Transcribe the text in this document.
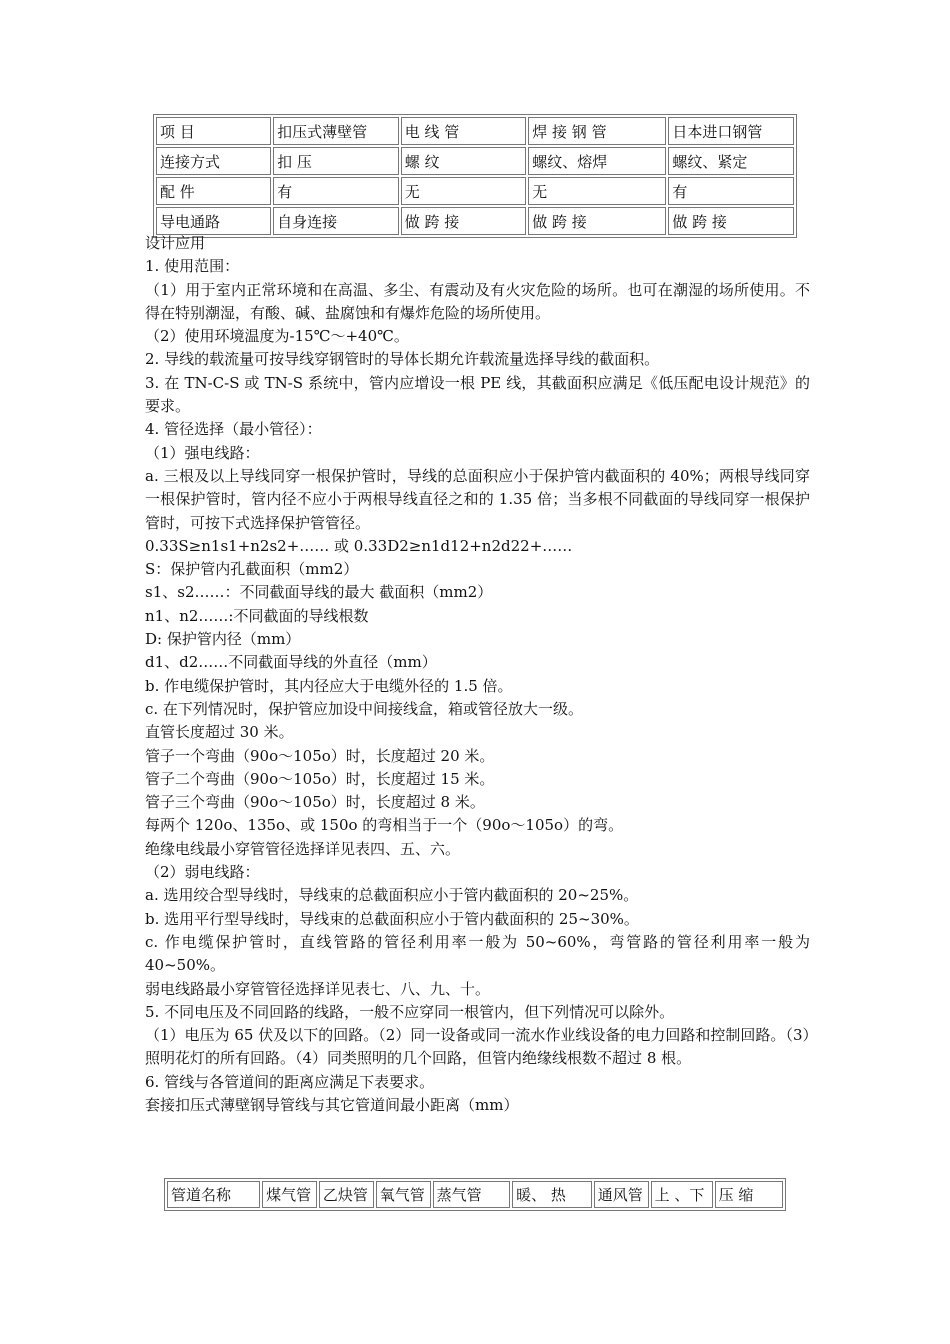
项 目	扣压式薄壁管	电 线 管	焊 接 钢 管	日本进口钢管
连接方式	扣 压	螺 纹	螺纹、熔焊	螺纹、紧定
配 件	有	无	无	有
导电通路	自身连接	做 跨 接	做 跨 接	做 跨 接

设计应用

1. 使用范围：

（1）用于室内正常环境和在高温、多尘、有震动及有火灾危险的场所。也可在潮湿的场所使用。不得在特别潮湿，有酸、碱、盐腐蚀和有爆炸危险的场所使用。

（2）使用环境温度为-15℃～+40℃。

2. 导线的载流量可按导线穿钢管时的导体长期允许载流量选择导线的截面积。

3. 在 TN-C-S 或 TN-S 系统中，管内应增设一根 PE 线，其截面积应满足《低压配电设计规范》的要求。

4. 管径选择（最小管径）：

（1）强电线路：

a. 三根及以上导线同穿一根保护管时，导线的总面积应小于保护管内截面积的 40%；两根导线同穿一根保护管时，管内径不应小于两根导线直径之和的 1.35 倍；当多根不同截面的导线同穿一根保护管时，可按下式选择保护管管径。

0.33S≥n1s1+n2s2+…… 或 0.33D2≥n1d12+n2d22+……

S：保护管内孔截面积（mm2）

s1、s2……：不同截面导线的最大 截面积（mm2）

n1、n2……:不同截面的导线根数

D: 保护管内径（mm）

d1、d2……不同截面导线的外直径（mm）

b. 作电缆保护管时，其内径应大于电缆外径的 1.5 倍。

c. 在下列情况时，保护管应加设中间接线盒，箱或管径放大一级。

直管长度超过 30 米。

管子一个弯曲（90o～105o）时，长度超过 20 米。

管子二个弯曲（90o～105o）时，长度超过 15 米。

管子三个弯曲（90o～105o）时，长度超过 8 米。

每两个 120o、135o、或 150o 的弯相当于一个（90o～105o）的弯。

绝缘电线最小穿管管径选择详见表四、五、六。

（2）弱电线路：

a. 选用绞合型导线时，导线束的总截面积应小于管内截面积的 20~25%。

b. 选用平行型导线时，导线束的总截面积应小于管内截面积的 25~30%。

c. 作电缆保护管时，直线管路的管径利用率一般为 50~60%，弯管路的管径利用率一般为 40~50%。

弱电线路最小穿管管径选择详见表七、八、九、十。

5. 不同电压及不同回路的线路，一般不应穿同一根管内，但下列情况可以除外。

（1）电压为 65 伏及以下的回路。（2）同一设备或同一流水作业线设备的电力回路和控制回路。（3）照明花灯的所有回路。（4）同类照明的几个回路，但管内绝缘线根数不超过 8 根。

6. 管线与各管道间的距离应满足下表要求。

套接扣压式薄壁钢导管线与其它管道间最小距离（mm）

管道名称	煤气管	乙炔管	氧气管	蒸气管	暖、 热	通风管	上 、下	压 缩
